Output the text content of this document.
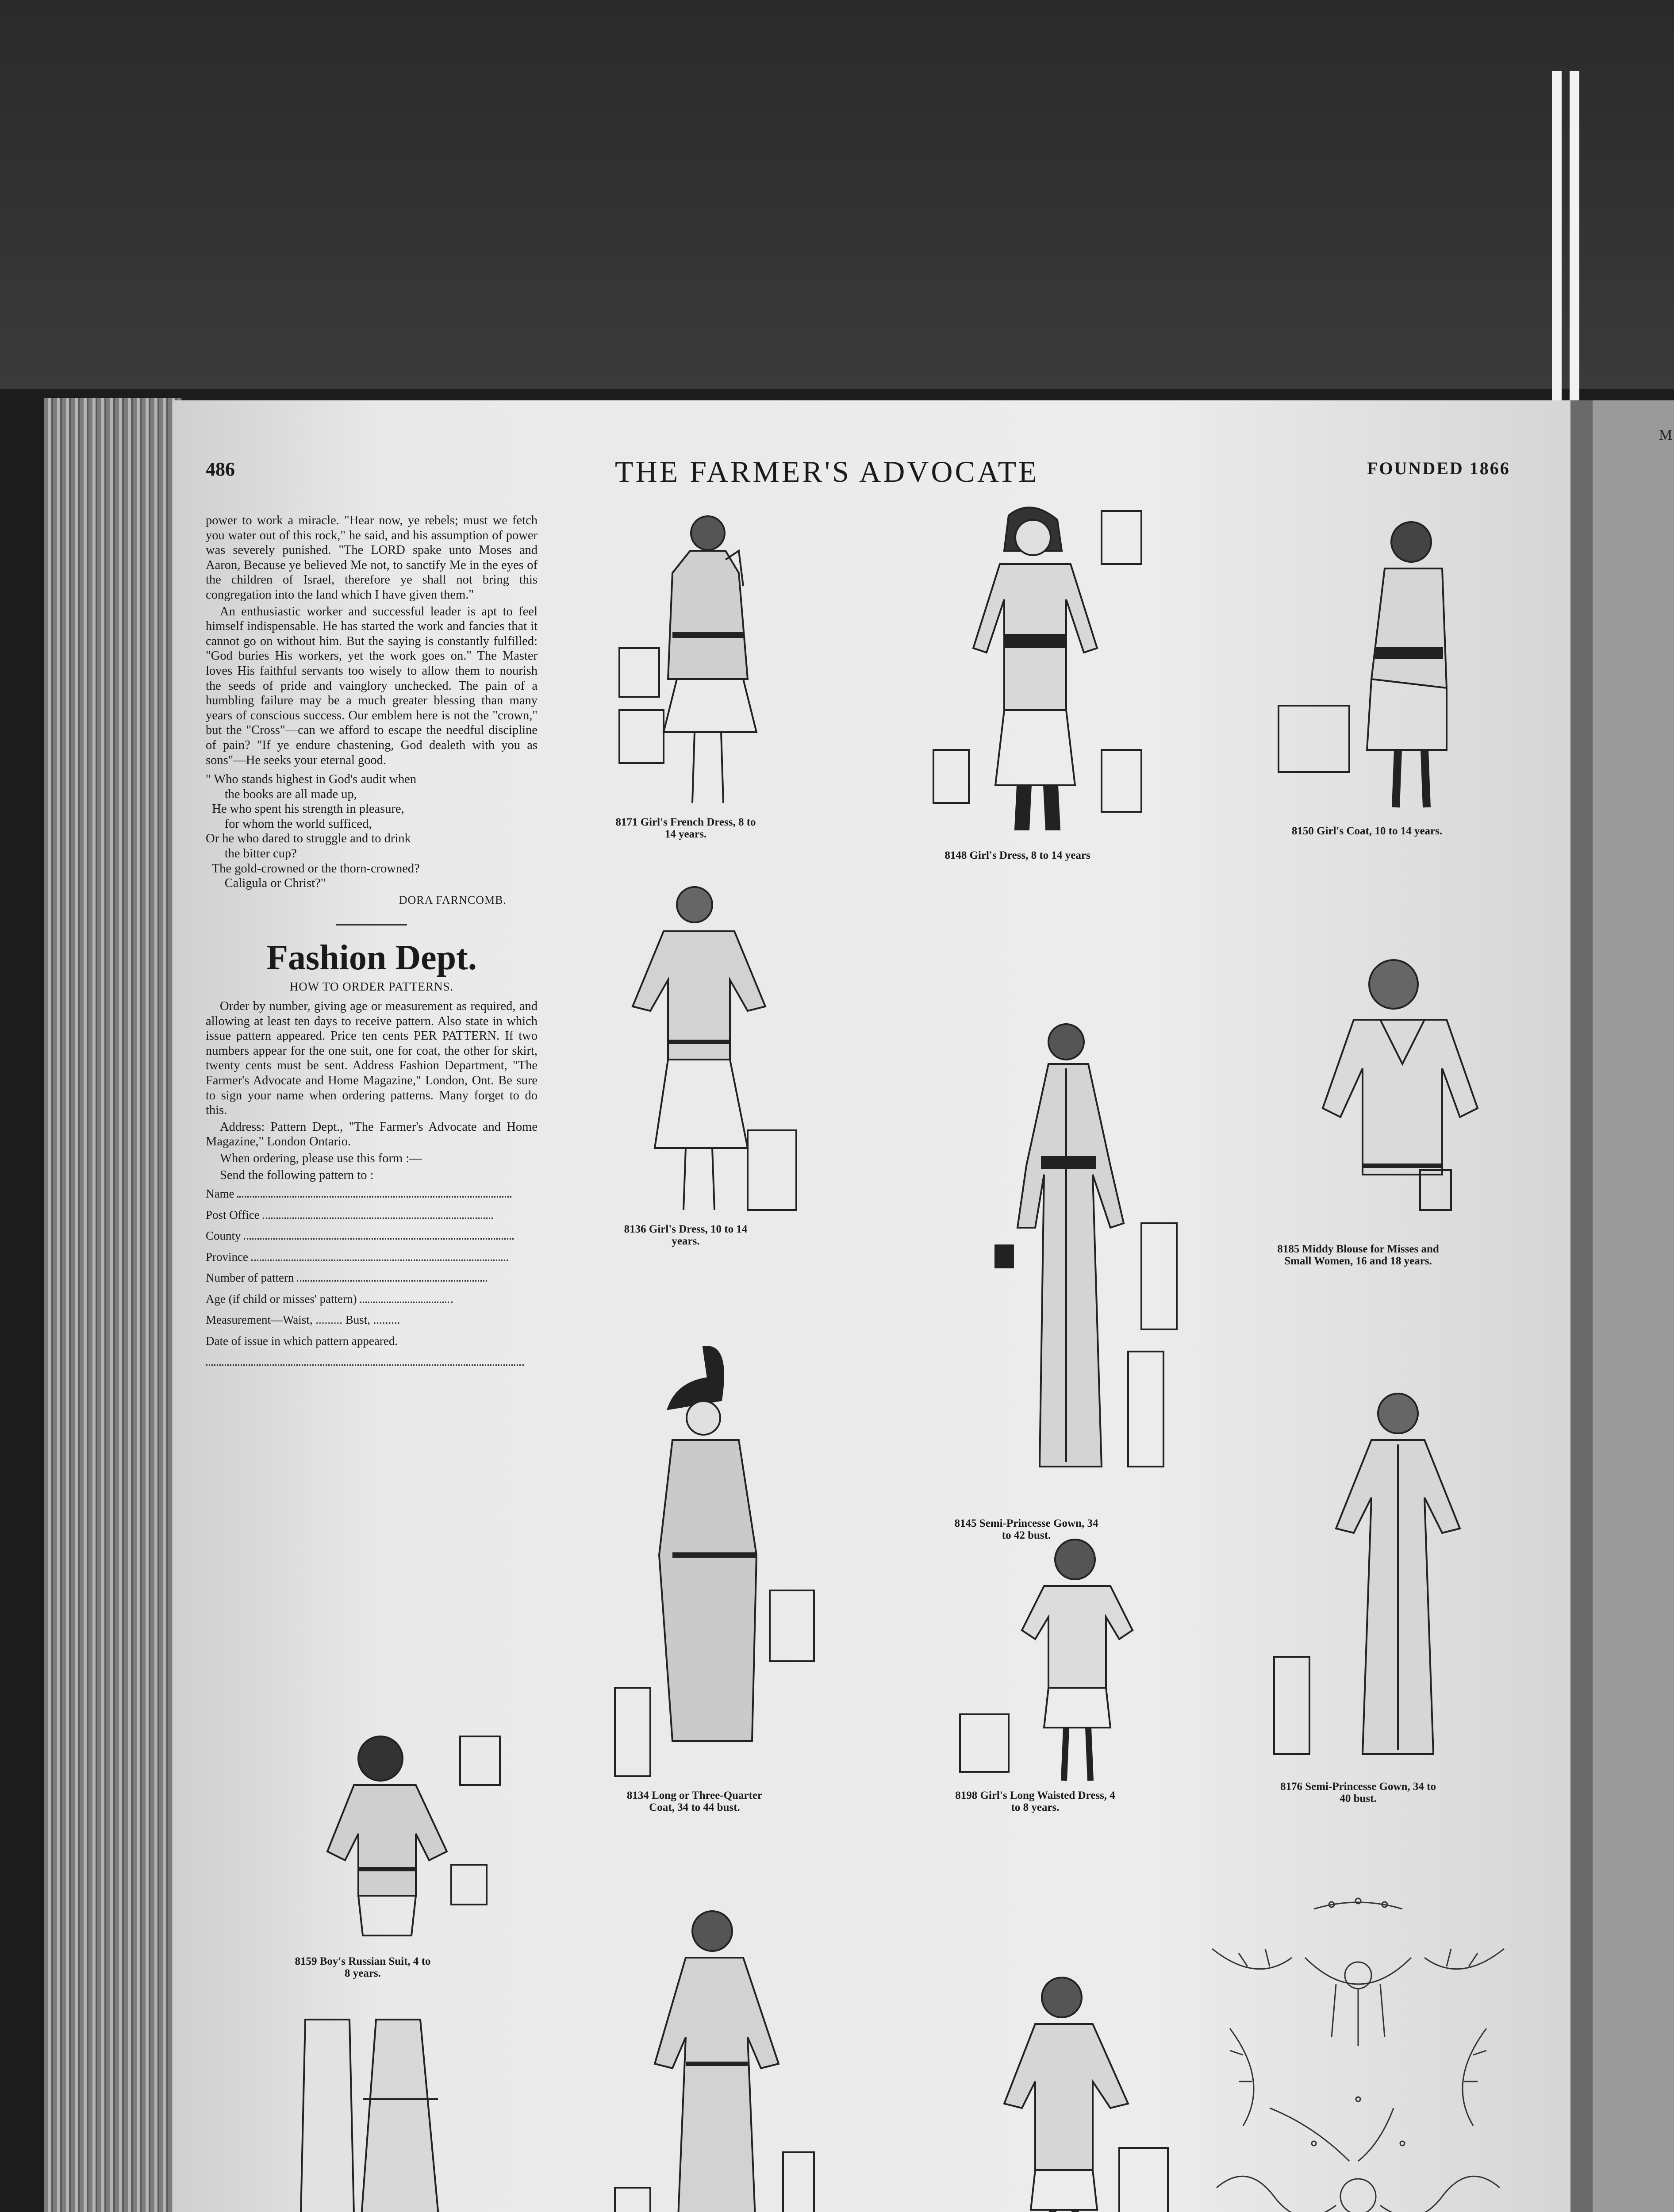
M
486	THE FARMER'S ADVOCATE	FOUNDED 1866

power to work a miracle. "Hear now, ye rebels; must we fetch you water out of this rock," he said, and his assumption of power was severely punished. "The LORD spake unto Moses and Aaron, Because ye believed Me not, to sanctify Me in the eyes of the children of Israel, therefore ye shall not bring this congregation into the land which I have given them."

An enthusiastic worker and successful leader is apt to feel himself indispensable. He has started the work and fancies that it cannot go on without him. But the saying is constantly fulfilled: "God buries His workers, yet the work goes on." The Master loves His faithful servants too wisely to allow them to nourish the seeds of pride and vainglory unchecked. The pain of a humbling failure may be a much greater blessing than many years of conscious success. Our emblem here is not the "crown," but the "Cross"—can we afford to escape the needful discipline of pain? "If ye endure chastening, God dealeth with you as sons"—He seeks your eternal good.

" Who stands highest in God's audit when
the books are all made up,
He who spent his strength in pleasure,
for whom the world sufficed,
Or he who dared to struggle and to drink
the bitter cup?
The gold-crowned or the thorn-crowned?
Caligula or Christ?"
DORA FARNCOMB.
Fashion Dept.
HOW TO ORDER PATTERNS.

Order by number, giving age or measurement as required, and allowing at least ten days to receive pattern. Also state in which issue pattern appeared. Price ten cents PER PATTERN. If two numbers appear for the one suit, one for coat, the other for skirt, twenty cents must be sent. Address Fashion Department, "The Farmer's Advocate and Home Magazine," London, Ont. Be sure to sign your name when ordering patterns. Many forget to do this.

Address: Pattern Dept., "The Farmer's Advocate and Home Magazine," London Ontario.

When ordering, please use this form :—

Send the following pattern to :

Name
Post Office
County
Province
Number of pattern
Age (if child or misses' pattern)
Measurement—Waist, ......... Bust, .........
Date of issue in which pattern appeared.
8171 Girl's French Dress, 8 to 14 years.
8148 Girl's Dress, 8 to 14 years
8150 Girl's Coat, 10 to 14 years.
8136 Girl's Dress, 10 to 14 years.
8145 Semi-Princesse Gown, 34 to 42 bust.
8185 Middy Blouse for Misses and Small Women, 16 and 18 years.
8134 Long or Three-Quarter Coat, 34 to 44 bust.
8198 Girl's Long Waisted Dress, 4 to 8 years.
8176 Semi-Princesse Gown, 34 to 40 bust.
8159 Boy's Russian Suit, 4 to 8 years.
